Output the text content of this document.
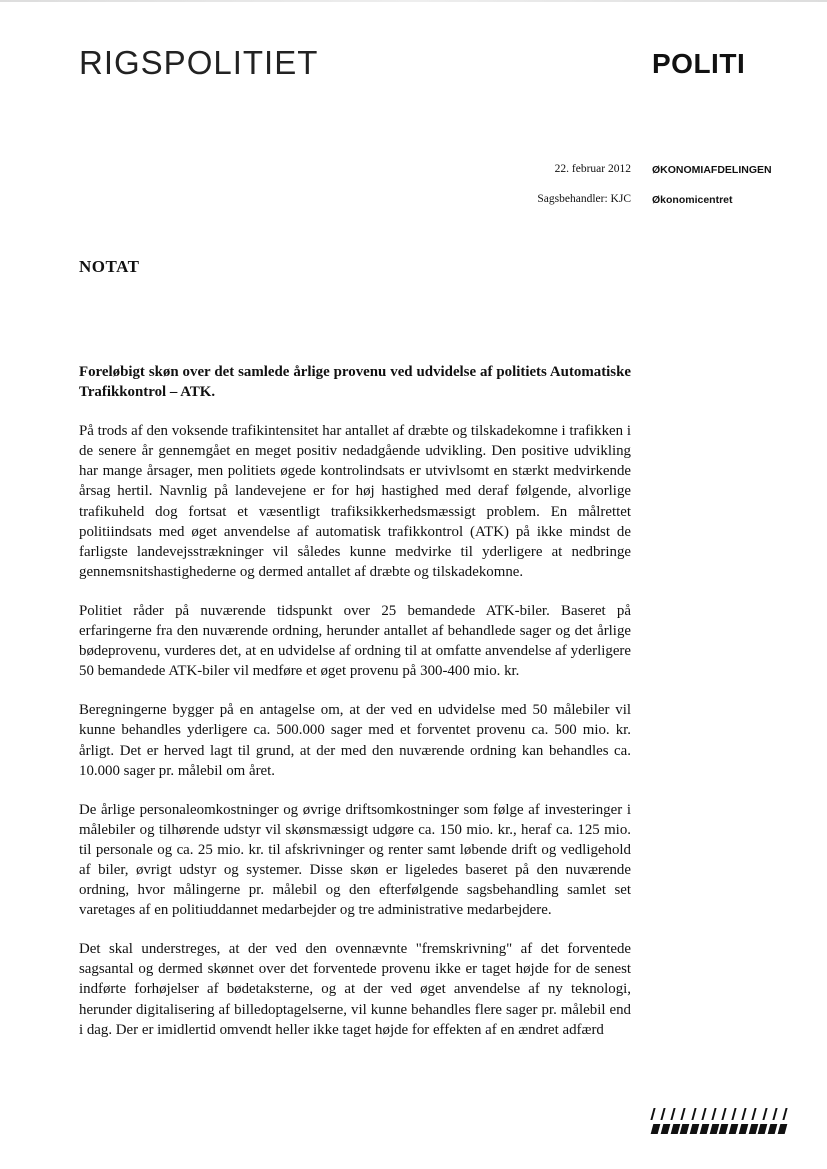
RIGSPOLITIET	POLITI
22. februar 2012 ØKONOMIAFDELINGEN
Sagsbehandler: KJC Økonomicentret
NOTAT
Foreløbigt skøn over det samlede årlige provenu ved udvidelse af politiets Automatiske Trafikkontrol – ATK.

På trods af den voksende trafikintensitet har antallet af dræbte og tilskadekomne i trafikken i de senere år gennemgået en meget positiv nedadgående udvikling. Den positive udvikling har mange årsager, men politiets øgede kontrolindsats er utvivlsomt en stærkt medvirkende årsag hertil. Navnlig på landevejene er for høj hastighed med deraf følgende, alvorlige trafikuheld dog fortsat et væsentligt trafiksikkerhedsmæssigt problem. En målrettet politiindsats med øget anvendelse af automatisk trafikkontrol (ATK) på ikke mindst de farligste landevejsstrækninger vil således kunne medvirke til yderligere at nedbringe gennemsnitshastighederne og dermed antallet af dræbte og tilskadekomne.

Politiet råder på nuværende tidspunkt over 25 bemandede ATK-biler. Baseret på erfaringerne fra den nuværende ordning, herunder antallet af behandlede sager og det årlige bødeprovenu, vurderes det, at en udvidelse af ordning til at omfatte anvendelse af yderligere 50 bemandede ATK-biler vil medføre et øget provenu på 300-400 mio. kr.

Beregningerne bygger på en antagelse om, at der ved en udvidelse med 50 målebiler vil kunne behandles yderligere ca. 500.000 sager med et forventet provenu ca. 500 mio. kr. årligt. Det er herved lagt til grund, at der med den nuværende ordning kan behandles ca. 10.000 sager pr. målebil om året.

De årlige personaleomkostninger og øvrige driftsomkostninger som følge af investeringer i målebiler og tilhørende udstyr vil skønsmæssigt udgøre ca. 150 mio. kr., heraf ca. 125 mio. til personale og ca. 25 mio. kr. til afskrivninger og renter samt løbende drift og vedligehold af biler, øvrigt udstyr og systemer. Disse skøn er ligeledes baseret på den nuværende ordning, hvor målingerne pr. målebil og den efterfølgende sagsbehandling samlet set varetages af en politiuddannet medarbejder og tre administrative medarbejdere.

Det skal understreges, at der ved den ovennævnte "fremskrivning" af det forventede sagsantal og dermed skønnet over det forventede provenu ikke er taget højde for de senest indførte forhøjelser af bødetaksterne, og at der ved øget anvendelse af ny teknologi, herunder digitalisering af billedoptagelserne, vil kunne behandles flere sager pr. målebil end i dag. Der er imidlertid omvendt heller ikke taget højde for effekten af en ændret adfærd
